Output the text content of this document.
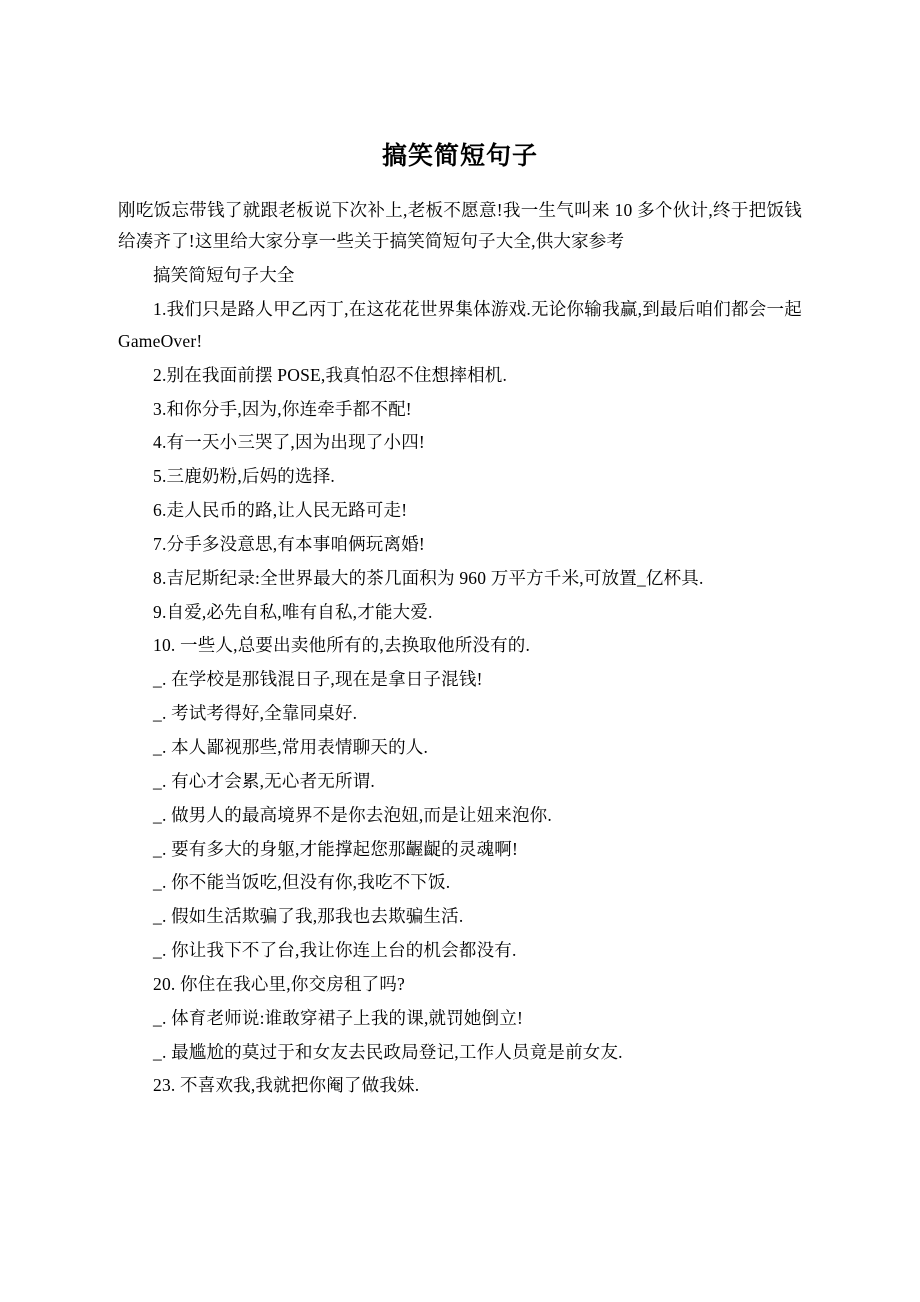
搞笑简短句子

刚吃饭忘带钱了就跟老板说下次补上,老板不愿意!我一生气叫来 10 多个伙计,终于把饭钱给凑齐了!这里给大家分享一些关于搞笑简短句子大全,供大家参考

搞笑简短句子大全

1.我们只是路人甲乙丙丁,在这花花世界集体游戏.无论你输我赢,到最后咱们都会一起 GameOver!

2.别在我面前摆 POSE,我真怕忍不住想摔相机.

3.和你分手,因为,你连牵手都不配!

4.有一天小三哭了,因为出现了小四!

5.三鹿奶粉,后妈的选择.

6.走人民币的路,让人民无路可走!

7.分手多没意思,有本事咱俩玩离婚!

8.吉尼斯纪录:全世界最大的茶几面积为 960 万平方千米,可放置_亿杯具.

9.自爱,必先自私,唯有自私,才能大爱.

10. 一些人,总要出卖他所有的,去换取他所没有的.

_. 在学校是那钱混日子,现在是拿日子混钱!

_. 考试考得好,全靠同桌好.

_. 本人鄙视那些,常用表情聊天的人.

_. 有心才会累,无心者无所谓.

_. 做男人的最高境界不是你去泡妞,而是让妞来泡你.

_. 要有多大的身躯,才能撑起您那齷齪的灵魂啊!

_. 你不能当饭吃,但没有你,我吃不下饭.

_. 假如生活欺骗了我,那我也去欺骗生活.

_. 你让我下不了台,我让你连上台的机会都没有.

20. 你住在我心里,你交房租了吗?

_. 体育老师说:谁敢穿裙子上我的课,就罚她倒立!

_. 最尴尬的莫过于和女友去民政局登记,工作人员竟是前女友.

23. 不喜欢我,我就把你阉了做我妹.
